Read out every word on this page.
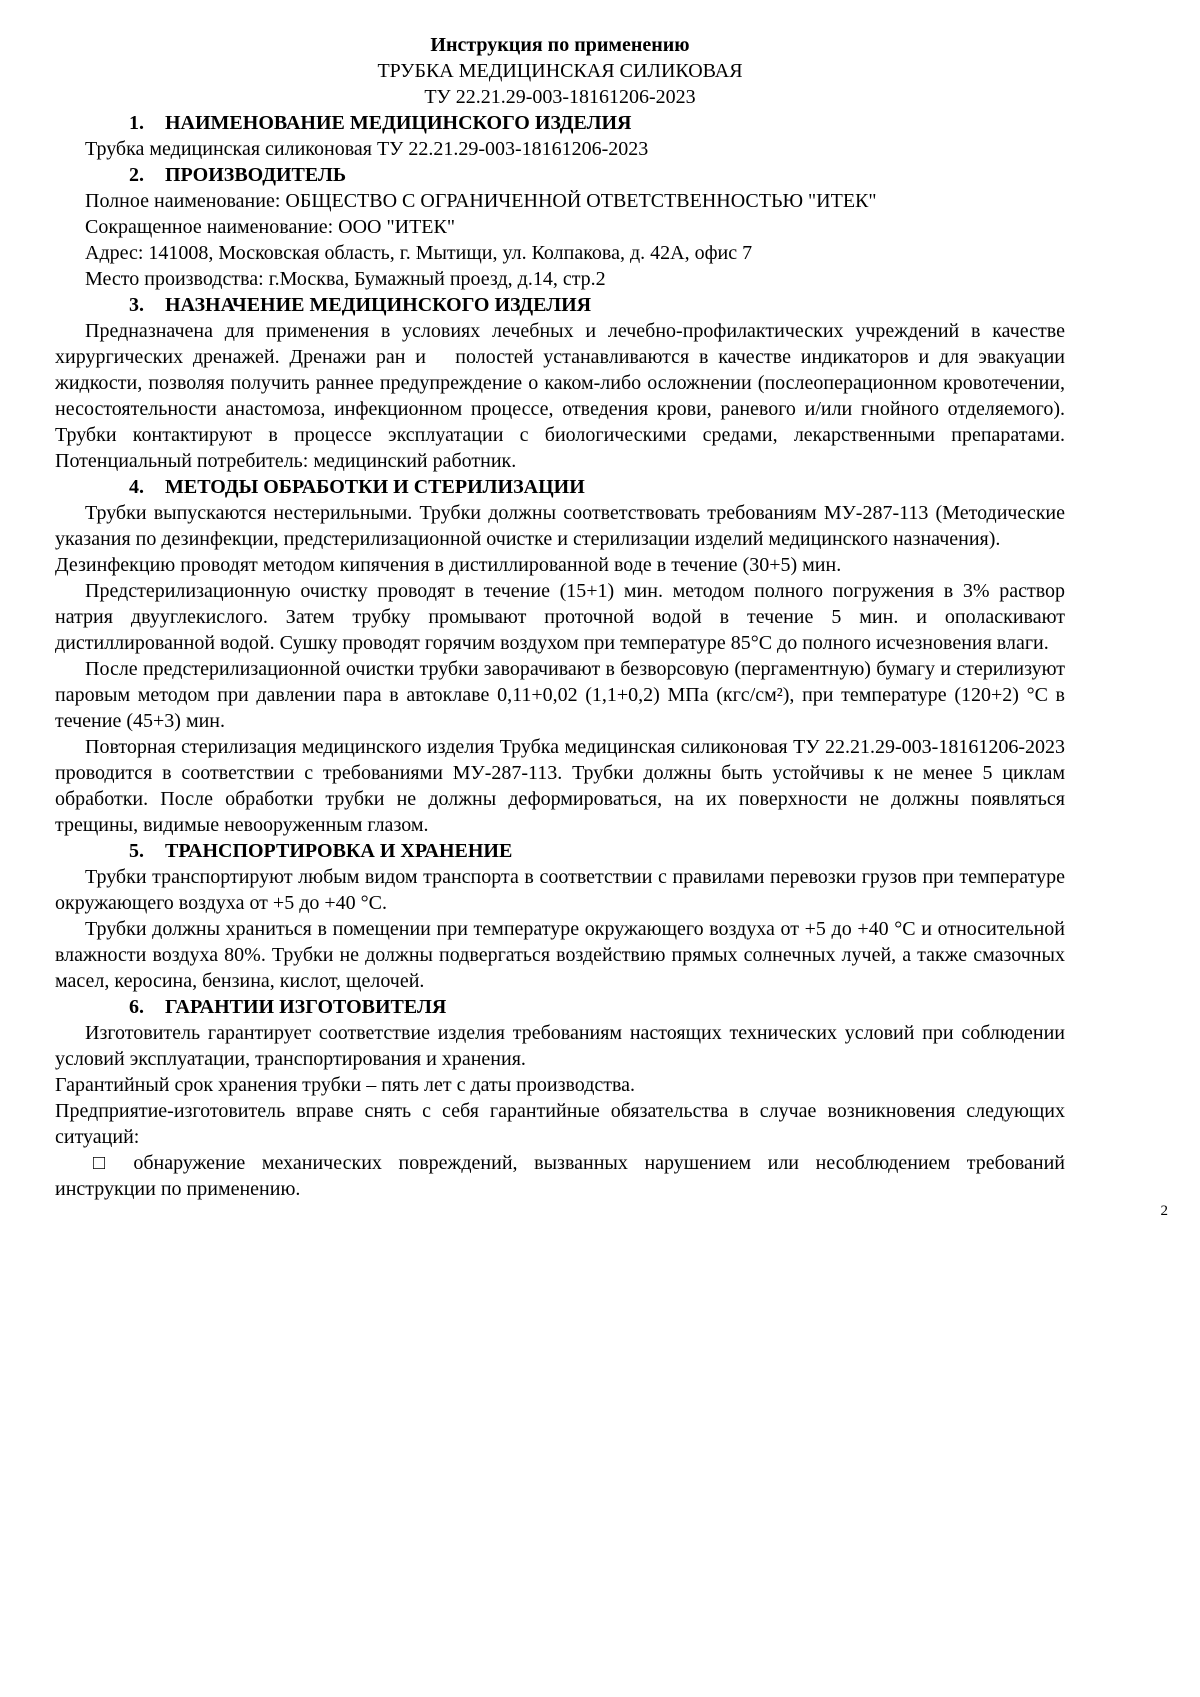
Инструкция по применению
ТРУБКА МЕДИЦИНСКАЯ СИЛИКОВАЯ
ТУ 22.21.29-003-18161206-2023
1. НАИМЕНОВАНИЕ МЕДИЦИНСКОГО ИЗДЕЛИЯ

Трубка медицинская силиконовая ТУ 22.21.29-003-18161206-2023

2. ПРОИЗВОДИТЕЛЬ

Полное наименование: ОБЩЕСТВО С ОГРАНИЧЕННОЙ ОТВЕТСТВЕННОСТЬЮ "ИТЕК"

Сокращенное наименование: ООО "ИТЕК"

Адрес: 141008, Московская область, г. Мытищи, ул. Колпакова, д. 42А, офис 7

Место производства: г.Москва, Бумажный проезд, д.14, стр.2

3. НАЗНАЧЕНИЕ МЕДИЦИНСКОГО ИЗДЕЛИЯ

Предназначена для применения в условиях лечебных и лечебно-профилактических учреждений в качестве хирургических дренажей. Дренажи ран и   полостей устанавливаются в качестве индикаторов и для эвакуации жидкости, позволяя получить раннее предупреждение о каком-либо осложнении (послеоперационном кровотечении, несостоятельности анастомоза, инфекционном процессе, отведения крови, раневого и/или гнойного отделяемого). Трубки контактируют в процессе эксплуатации с биологическими средами, лекарственными препаратами. Потенциальный потребитель: медицинский работник.

4. МЕТОДЫ ОБРАБОТКИ И СТЕРИЛИЗАЦИИ

Трубки выпускаются нестерильными. Трубки должны соответствовать требованиям МУ-287-113 (Методические указания по дезинфекции, предстерилизационной очистке и стерилизации изделий медицинского назначения).

Дезинфекцию проводят методом кипячения в дистиллированной воде в течение (30+5) мин.

Предстерилизационную очистку проводят в течение (15+1) мин. методом полного погружения в 3% раствор натрия двууглекислого. Затем трубку промывают проточной водой в течение 5 мин. и ополаскивают дистиллированной водой. Сушку проводят горячим воздухом при температуре 85°С до полного исчезновения влаги.

После предстерилизационной очистки трубки заворачивают в безворсовую (пергаментную) бумагу и стерилизуют паровым методом при давлении пара в автоклаве 0,11+0,02 (1,1+0,2) МПа (кгс/см²), при температуре (120+2) °С в течение (45+3) мин.

Повторная стерилизация медицинского изделия Трубка медицинская силиконовая ТУ 22.21.29-003-18161206-2023 проводится в соответствии с требованиями МУ-287-113. Трубки должны быть устойчивы к не менее 5 циклам обработки. После обработки трубки не должны деформироваться, на их поверхности не должны появляться трещины, видимые невооруженным глазом.

5. ТРАНСПОРТИРОВКА И ХРАНЕНИЕ

Трубки транспортируют любым видом транспорта в соответствии с правилами перевозки грузов при температуре окружающего воздуха от +5 до +40 °С.

Трубки должны храниться в помещении при температуре окружающего воздуха от +5 до +40 °С и относительной влажности воздуха 80%. Трубки не должны подвергаться воздействию прямых солнечных лучей, а также смазочных масел, керосина, бензина, кислот, щелочей.

6. ГАРАНТИИ ИЗГОТОВИТЕЛЯ

Изготовитель гарантирует соответствие изделия требованиям настоящих технических условий при соблюдении условий эксплуатации, транспортирования и хранения.

Гарантийный срок хранения трубки – пять лет с даты производства.

Предприятие-изготовитель вправе снять с себя гарантийные обязательства в случае возникновения следующих ситуаций:

□ обнаружение механических повреждений, вызванных нарушением или несоблюдением требований инструкции по применению.

2
